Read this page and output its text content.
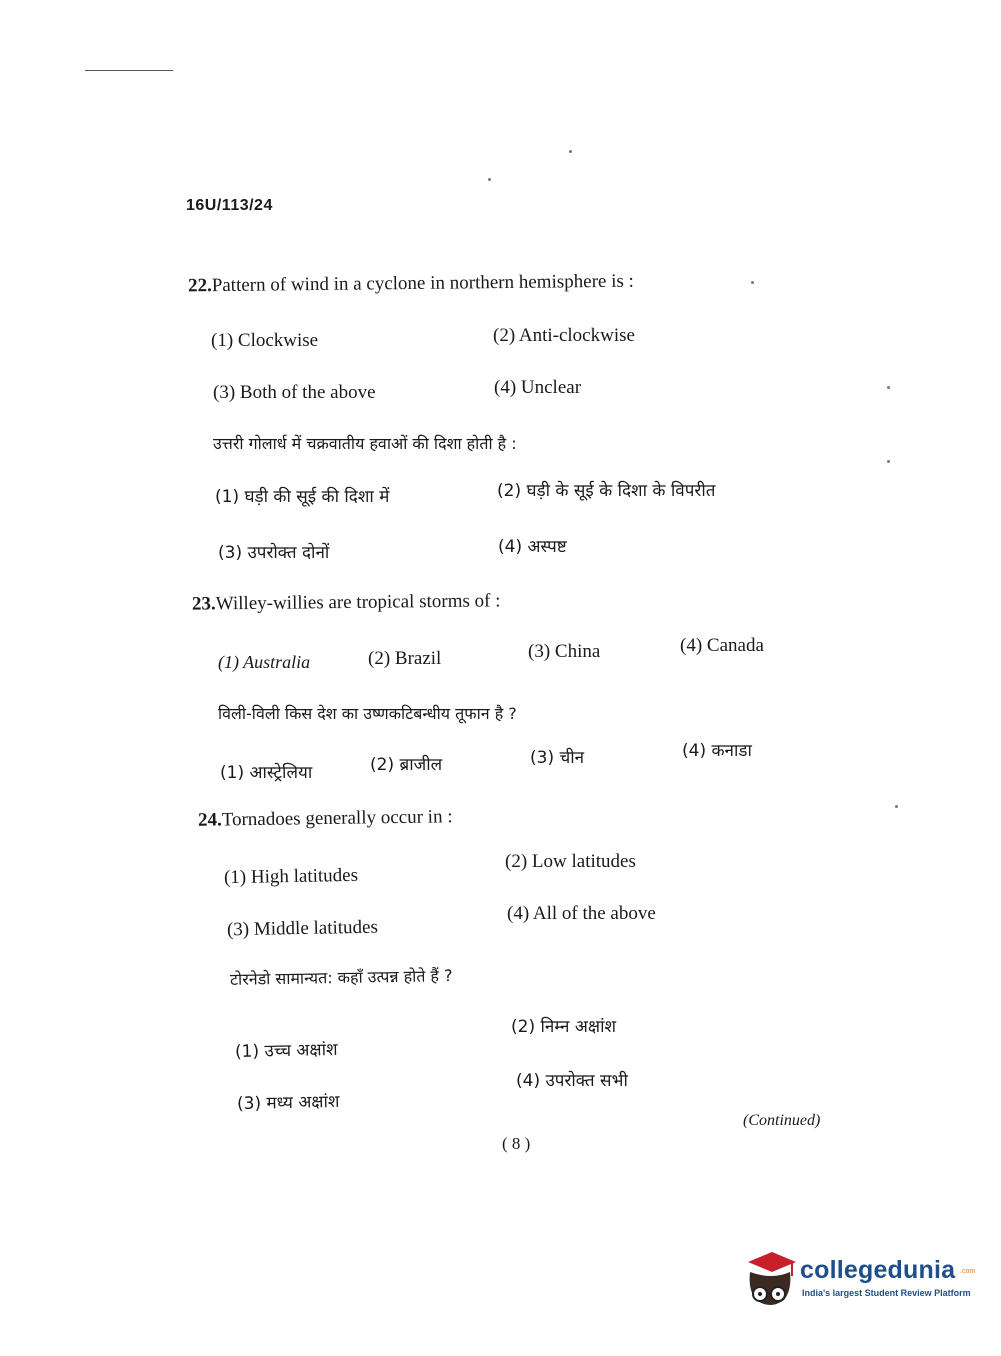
16U/113/24
22.Pattern of wind in a cyclone in northern hemisphere is :
(1) Clockwise	(2) Anti-clockwise
(3) Both of the above	(4) Unclear
उत्तरी गोलार्ध में चक्रवातीय हवाओं की दिशा होती है :
(1) घड़ी की सूई की दिशा में	(2) घड़ी के सूई के दिशा के विपरीत
(3) उपरोक्त दोनों	(4) अस्पष्ट
23.Willey-willies are tropical storms of :
(1) Australia	(2) Brazil	(3) China	(4) Canada
विली-विली किस देश का उष्णकटिबन्धीय तूफान है ?
(1) आस्ट्रेलिया	(2) ब्राजील	(3) चीन	(4) कनाडा
24.Tornadoes generally occur in :
(1) High latitudes
(2) Low latitudes
(3) Middle latitudes
(4) All of the above
टोरनेडो सामान्यत: कहाँ उत्पन्न होते हैं ?
(1) उच्च अक्षांश
(2) निम्न अक्षांश
(3) मध्य अक्षांश
(4) उपरोक्त सभी
(Continued)
( 8 )
collegedunia .com
India's largest Student Review Platform
